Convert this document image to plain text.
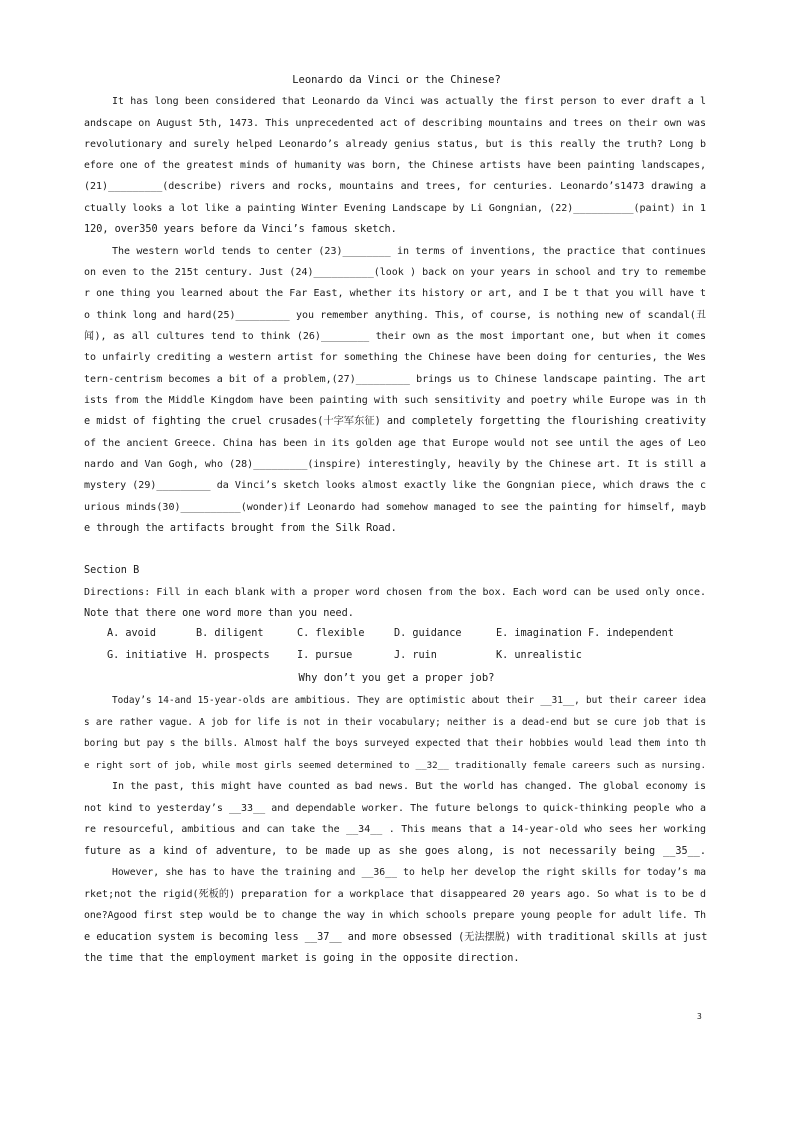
Leonardo da Vinci or the Chinese?
It has long been considered that Leonardo da Vinci was actually the first person to ever draft a l
andscape on August 5th, 1473. This unprecedented act of describing mountains and trees on their own was
revolutionary and surely helped Leonardo’s already genius status, but is this really the truth? Long b
efore one of the greatest minds of humanity was born, the Chinese artists have been painting landscapes,
(21)_________(describe) rivers and rocks, mountains and trees, for centuries. Leonardo’s1473 drawing a
ctually looks a lot like a painting Winter Evening Landscape by Li Gongnian, (22)__________(paint) in 1
120, over350 years before da Vinci’s famous sketch.
The western world tends to center (23)________ in terms of inventions, the practice that continues
on even to the 215t century. Just (24)__________(look ) back on your years in school and try to remembe
r one thing you learned about the Far East, whether its history or art, and I be t that you will have t
o think long and hard(25)_________ you remember anything. This, of course, is nothing new of scandal(丑
闻), as all cultures tend to think (26)________ their own as the most important one, but when it comes
to unfairly crediting a western artist for something the Chinese have been doing for centuries, the Wes
tern-centrism becomes a bit of a problem,(27)_________ brings us to Chinese landscape painting. The art
ists from the Middle Kingdom have been painting with such sensitivity and poetry while Europe was in th
e midst of fighting the cruel crusades(十字军东征) and completely forgetting the flourishing creativity
of the ancient Greece. China has been in its golden age that Europe would not see until the ages of Leo
nardo and Van Gogh, who (28)_________(inspire) interestingly, heavily by the Chinese art. It is still a
mystery (29)_________ da Vinci’s sketch looks almost exactly like the Gongnian piece, which draws the c
urious minds(30)__________(wonder)if Leonardo had somehow managed to see the painting for himself, mayb
e through the artifacts brought from the Silk Road.
Section B
Directions: Fill in each blank with a proper word chosen from the box. Each word can be used only once.
Note that there one word more than you need.
A. avoid	B. diligent	C. flexible	D. guidance	E. imagination F. independent
G. initiative H. prospects	I. pursue	J. ruin	K. unrealistic
Why don’t you get a proper job?
Today’s 14-and 15-year-olds are ambitious. They are optimistic about their __31__, but their career idea
s are rather vague. A job for life is not in their vocabulary; neither is a dead-end but se cure job that is
boring but pay s the bills. Almost half the boys surveyed expected that their hobbies would lead them into th
e right sort of job, while most girls seemed determined to __32__ traditionally female careers such as nursing.
In the past, this might have counted as bad news. But the world has changed. The global economy is
not kind to yesterday’s __33__ and dependable worker. The future belongs to quick-thinking people who a
re resourceful, ambitious and can take the __34__ . This means that a 14-year-old who sees her working
future as a kind of adventure, to be made up as she goes along, is not necessarily being __35__.
However, she has to have the training and __36__ to help her develop the right skills for today’s ma
rket;not the rigid(死板的) preparation for a workplace that disappeared 20 years ago. So what is to be d
one?Agood first step would be to change the way in which schools prepare young people for adult life. Th
e education system is becoming less __37__ and more obsessed (无法摆脱) with traditional skills at just
the time that the employment market is going in the opposite direction.
3
